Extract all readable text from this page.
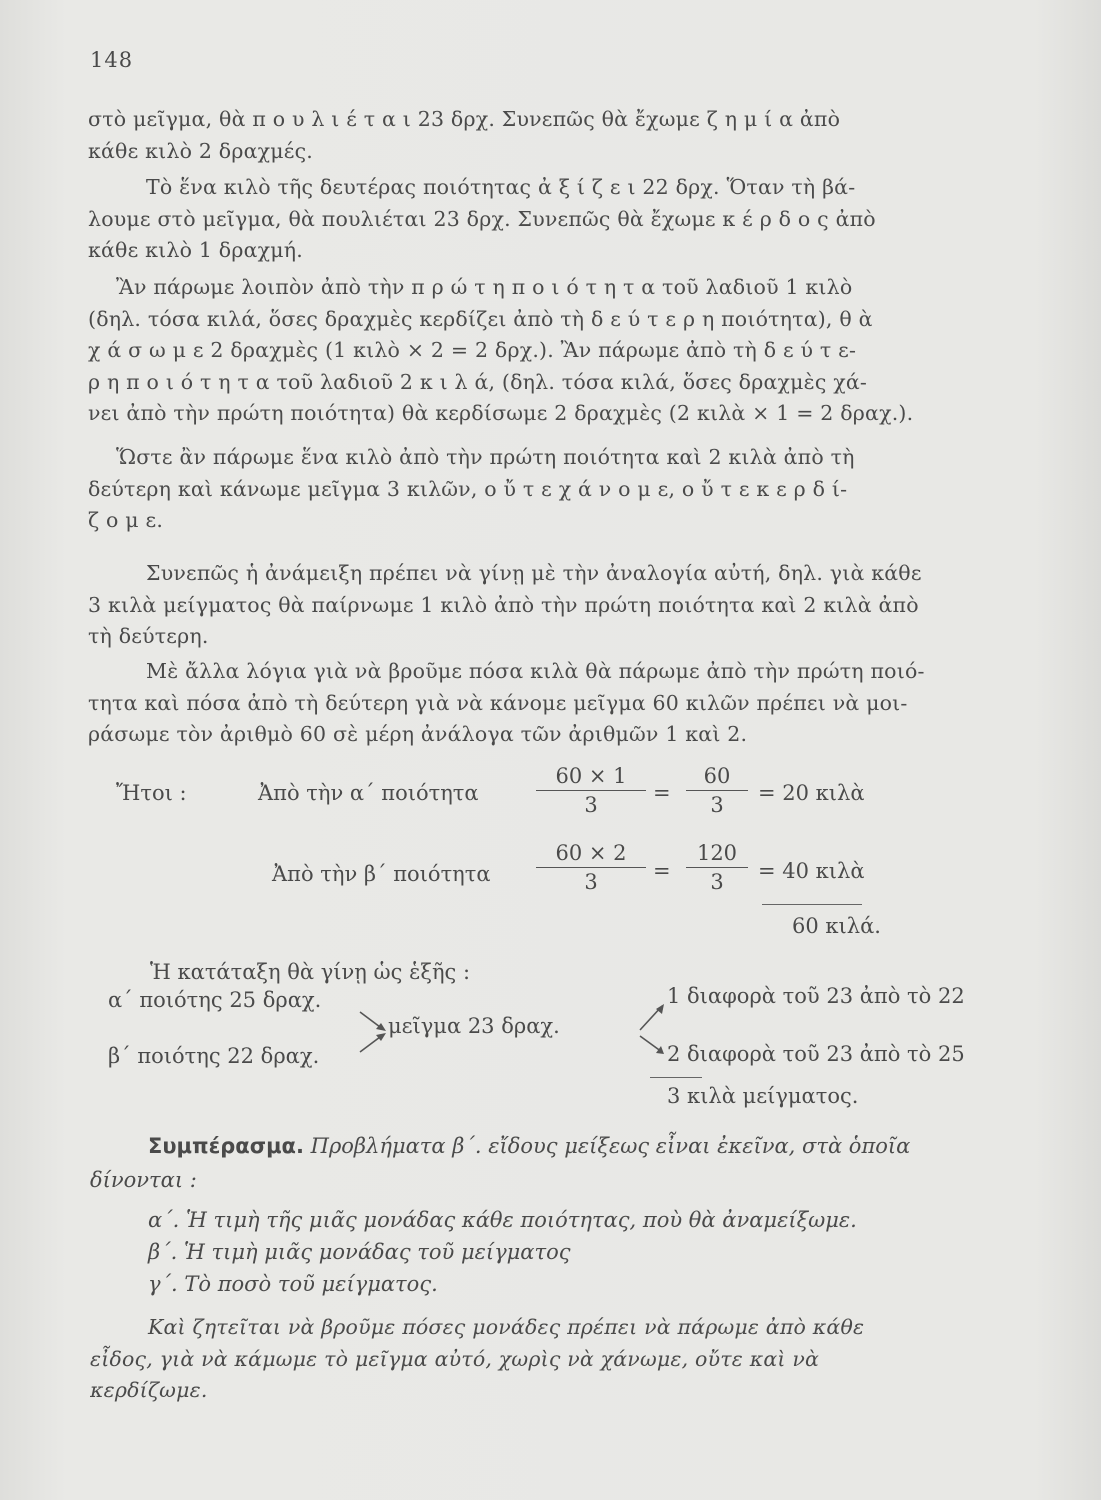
148
στὸ μεῖγμα, θὰ π ο υ λ ι έ τ α ι 23 δρχ. Συνεπῶς θὰ ἔχωμε ζ η μ ί α ἀπὸ
κάθε κιλὸ 2 δραχμές.
Τὸ ἕνα κιλὸ τῆς δευτέρας ποιότητας ἀ ξ ί ζ ε ι 22 δρχ. Ὅταν τὴ βά-
λουμε στὸ μεῖγμα, θὰ πουλιέται 23 δρχ. Συνεπῶς θὰ ἔχωμε κ έ ρ δ ο ς ἀπὸ
κάθε κιλὸ 1 δραχμή.
Ἂν πάρωμε λοιπὸν ἀπὸ τὴν π ρ ώ τ η π ο ι ό τ η τ α τοῦ λαδιοῦ 1 κιλὸ
(δηλ. τόσα κιλά, ὅσες δραχμὲς κερδίζει ἀπὸ τὴ δ ε ύ τ ε ρ η ποιότητα), θ ὰ
χ ά σ ω μ ε 2 δραχμὲς (1 κιλὸ × 2 = 2 δρχ.). Ἂν πάρωμε ἀπὸ τὴ δ ε ύ τ ε-
ρ η π ο ι ό τ η τ α τοῦ λαδιοῦ 2 κ ι λ ά, (δηλ. τόσα κιλά, ὅσες δραχμὲς χά-
νει ἀπὸ τὴν πρώτη ποιότητα) θὰ κερδίσωμε 2 δραχμὲς (2 κιλὰ × 1 = 2 δραχ.).
Ὥστε ἂν πάρωμε ἕνα κιλὸ ἀπὸ τὴν πρώτη ποιότητα καὶ 2 κιλὰ ἀπὸ τὴ
δεύτερη καὶ κάνωμε μεῖγμα 3 κιλῶν, ο ὔ τ ε χ ά ν ο μ ε, ο ὔ τ ε κ ε ρ δ ί-
ζ ο μ ε.
Συνεπῶς ἡ ἀνάμειξη πρέπει νὰ γίνῃ μὲ τὴν ἀναλογία αὐτή, δηλ. γιὰ κάθε
3 κιλὰ μείγματος θὰ παίρνωμε 1 κιλὸ ἀπὸ τὴν πρώτη ποιότητα καὶ 2 κιλὰ ἀπὸ
τὴ δεύτερη.
Μὲ ἄλλα λόγια γιὰ νὰ βροῦμε πόσα κιλὰ θὰ πάρωμε ἀπὸ τὴν πρώτη ποιό-
τητα καὶ πόσα ἀπὸ τὴ δεύτερη γιὰ νὰ κάνομε μεῖγμα 60 κιλῶν πρέπει νὰ μοι-
ράσωμε τὸν ἀριθμὸ 60 σὲ μέρη ἀνάλογα τῶν ἀριθμῶν 1 καὶ 2.
Ἤτοι :	Ἀπὸ τὴν α´ ποιότητα
60 × 1
3	=
60
3	= 20 κιλὰ
Ἀπὸ τὴν β´ ποιότητα
60 × 2
3	=
120
3	= 40 κιλὰ
60 κιλά.
Ἡ κατάταξη θὰ γίνῃ ὡς ἑξῆς :
α´ ποιότης 25 δραχ.
β´ ποιότης 22 δραχ.
μεῖγμα 23 δραχ.
1 διαφορὰ τοῦ 23 ἀπὸ τὸ 22
2 διαφορὰ τοῦ 23 ἀπὸ τὸ 25
3 κιλὰ μείγματος.
Συμπέρασμα. Προβλήματα β´. εἴδους μείξεως εἶναι ἐκεῖνα, στὰ ὁποῖα
δίνονται :
α´. Ἡ τιμὴ τῆς μιᾶς μονάδας κάθε ποιότητας, ποὺ θὰ ἀναμείξωμε.
β´. Ἡ τιμὴ μιᾶς μονάδας τοῦ μείγματος
γ´. Τὸ ποσὸ τοῦ μείγματος.
Καὶ ζητεῖται νὰ βροῦμε πόσες μονάδες πρέπει νὰ πάρωμε ἀπὸ κάθε
εἶδος, γιὰ νὰ κάμωμε τὸ μεῖγμα αὐτό, χωρὶς νὰ χάνωμε, οὔτε καὶ νὰ
κερδίζωμε.
